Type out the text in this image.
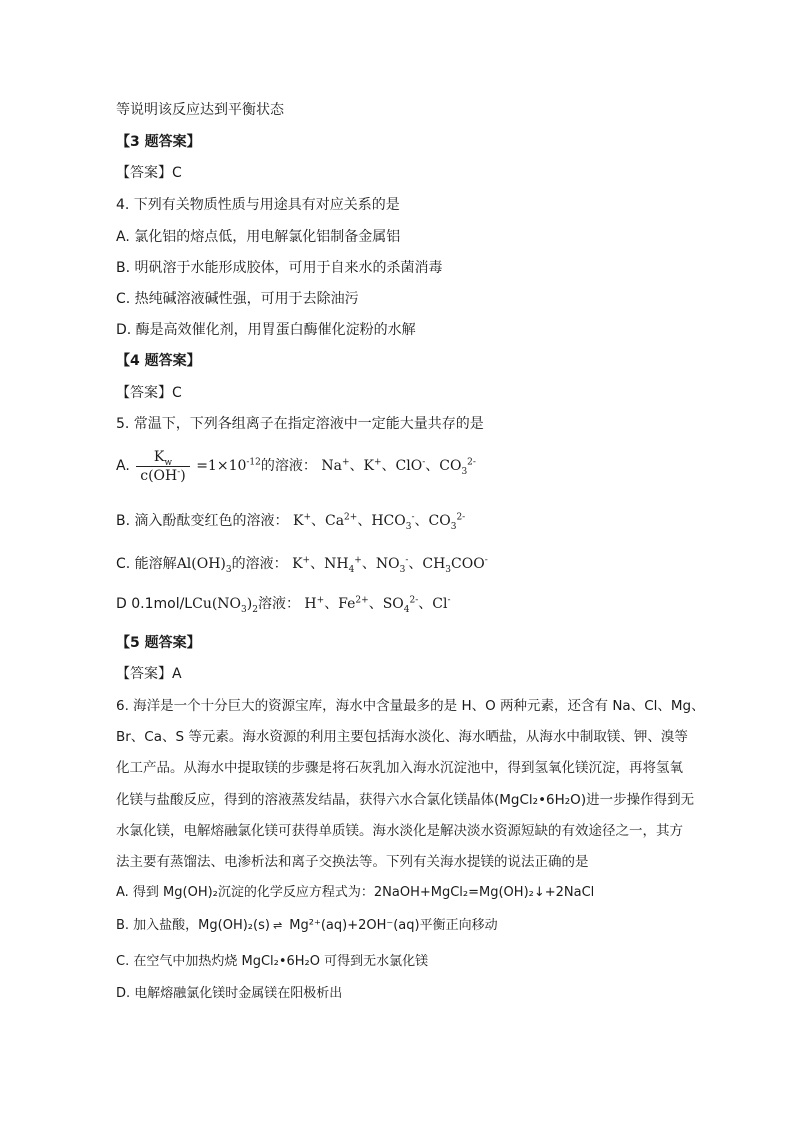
等说明该反应达到平衡状态
【3 题答案】
【答案】C
4. 下列有关物质性质与用途具有对应关系的是
A. 氯化铝的熔点低，用电解氯化铝制备金属铝
B. 明矾溶于水能形成胶体，可用于自来水的杀菌消毒
C. 热纯碱溶液碱性强，可用于去除油污
D. 酶是高效催化剂，用胃蛋白酶催化淀粉的水解
【4 题答案】
【答案】C
5. 常温下，下列各组离子在指定溶液中一定能大量共存的是
A. $\frac{K_w}{c(OH^-)} =1\times 10^{-12}$的溶液： Na+、K+、ClO-、$CO_3^{2-}$
B. 滴入酚酞变红色的溶液： K+、$Ca^{2+}$、$HCO_3^-$、$CO_3^{2-}$
C. 能溶解$Al(OH)_3$的溶液： K+、$NH_4^+$、$NO_3^-$、$CH_3COO^-$
D $0.1mol/LCu(NO_3)_2$溶液： H+、$Fe^{2+}$、$SO_4^{2-}$、Cl-
【5 题答案】
【答案】A
6. 海洋是一个十分巨大的资源宝库，海水中含量最多的是 H、O 两种元素，还含有 Na、Cl、Mg、
Br、Ca、S 等元素。海水资源的利用主要包括海水淡化、海水晒盐，从海水中制取镁、钾、溴等
化工产品。从海水中提取镁的步骤是将石灰乳加入海水沉淀池中，得到氢氧化镁沉淀，再将氢氧
化镁与盐酸反应，得到的溶液蒸发结晶，获得六水合氯化镁晶体(MgCl₂•6H₂O)进一步操作得到无
水氯化镁，电解熔融氯化镁可获得单质镁。海水淡化是解决淡水资源短缺的有效途径之一，其方
法主要有蒸馏法、电渗析法和离子交换法等。下列有关海水提镁的说法正确的是
A. 得到 Mg(OH)₂沉淀的化学反应方程式为：2NaOH+MgCl₂=Mg(OH)₂↓+2NaCl
B. 加入盐酸，Mg(OH)₂(s) ⇌ Mg²⁺(aq)+2OH⁻(aq)平衡正向移动
C. 在空气中加热灼烧 MgCl₂•6H₂O 可得到无水氯化镁
D. 电解熔融氯化镁时金属镁在阳极析出
